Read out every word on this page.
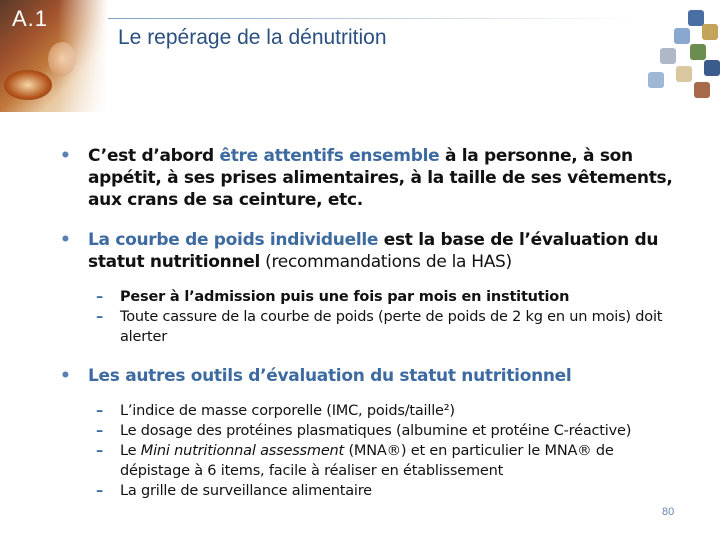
A.1
Le repérage de la dénutrition
• C’est d’abord être attentifs ensemble à la personne, à son appétit, à ses prises alimentaires, à la taille de ses vêtements, aux crans de sa ceinture, etc.
• La courbe de poids individuelle est la base de l’évaluation du statut nutritionnel (recommandations de la HAS)
– Peser à l’admission puis une fois par mois en institution
– Toute cassure de la courbe de poids (perte de poids de 2 kg en un mois) doit alerter
• Les autres outils d’évaluation du statut nutritionnel
– L’indice de masse corporelle (IMC, poids/taille²)
– Le dosage des protéines plasmatiques (albumine et protéine C-réactive)
– Le Mini nutritionnal assessment (MNA®) et en particulier le MNA® de dépistage à 6 items, facile à réaliser en établissement
– La grille de surveillance alimentaire
80
